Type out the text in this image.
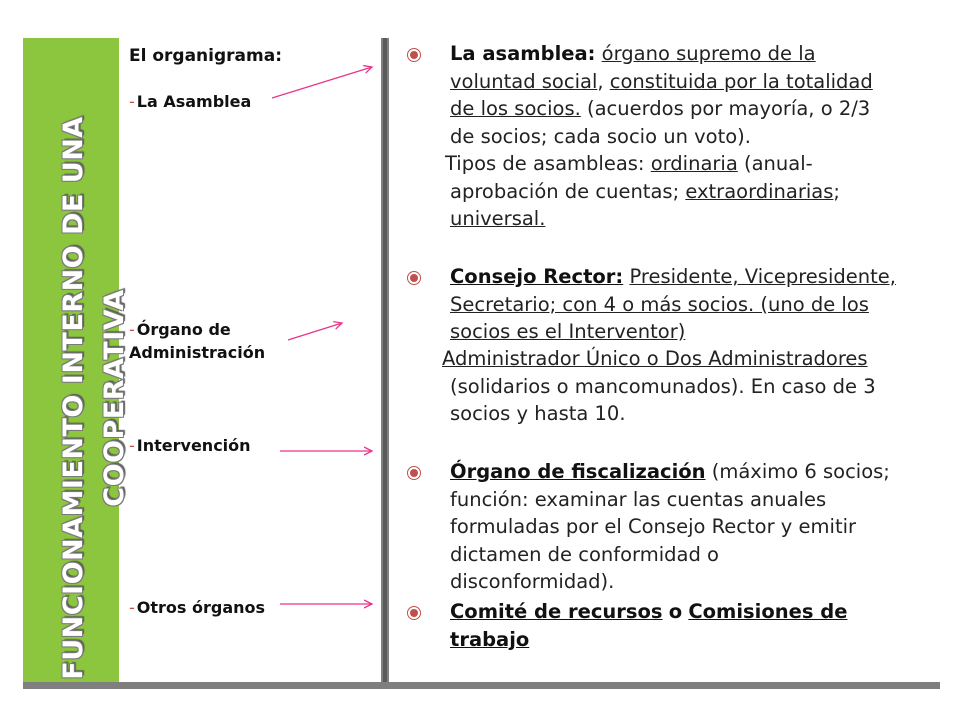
FUNCIONAMIENTO INTERNO DE UNA COOPERATIVA
El organigrama:
- La Asamblea
- Órgano de
Administración
- Intervención
- Otros órganos
La asamblea: órgano supremo de la
voluntad social, constituida por la totalidad
de los socios. (acuerdos por mayoría, o 2/3
de socios; cada socio un voto).
Tipos de asambleas: ordinaria (anual-
aprobación de cuentas; extraordinarias;
universal.
Consejo Rector: Presidente, Vicepresidente,
Secretario; con 4 o más socios. (uno de los
socios es el Interventor)
Administrador Único o Dos Administradores
(solidarios o mancomunados). En caso de 3
socios y hasta 10.
Órgano de fiscalización (máximo 6 socios;
función: examinar las cuentas anuales
formuladas por el Consejo Rector y emitir
dictamen de conformidad o
disconformidad).
Comité de recursos o Comisiones de
trabajo
